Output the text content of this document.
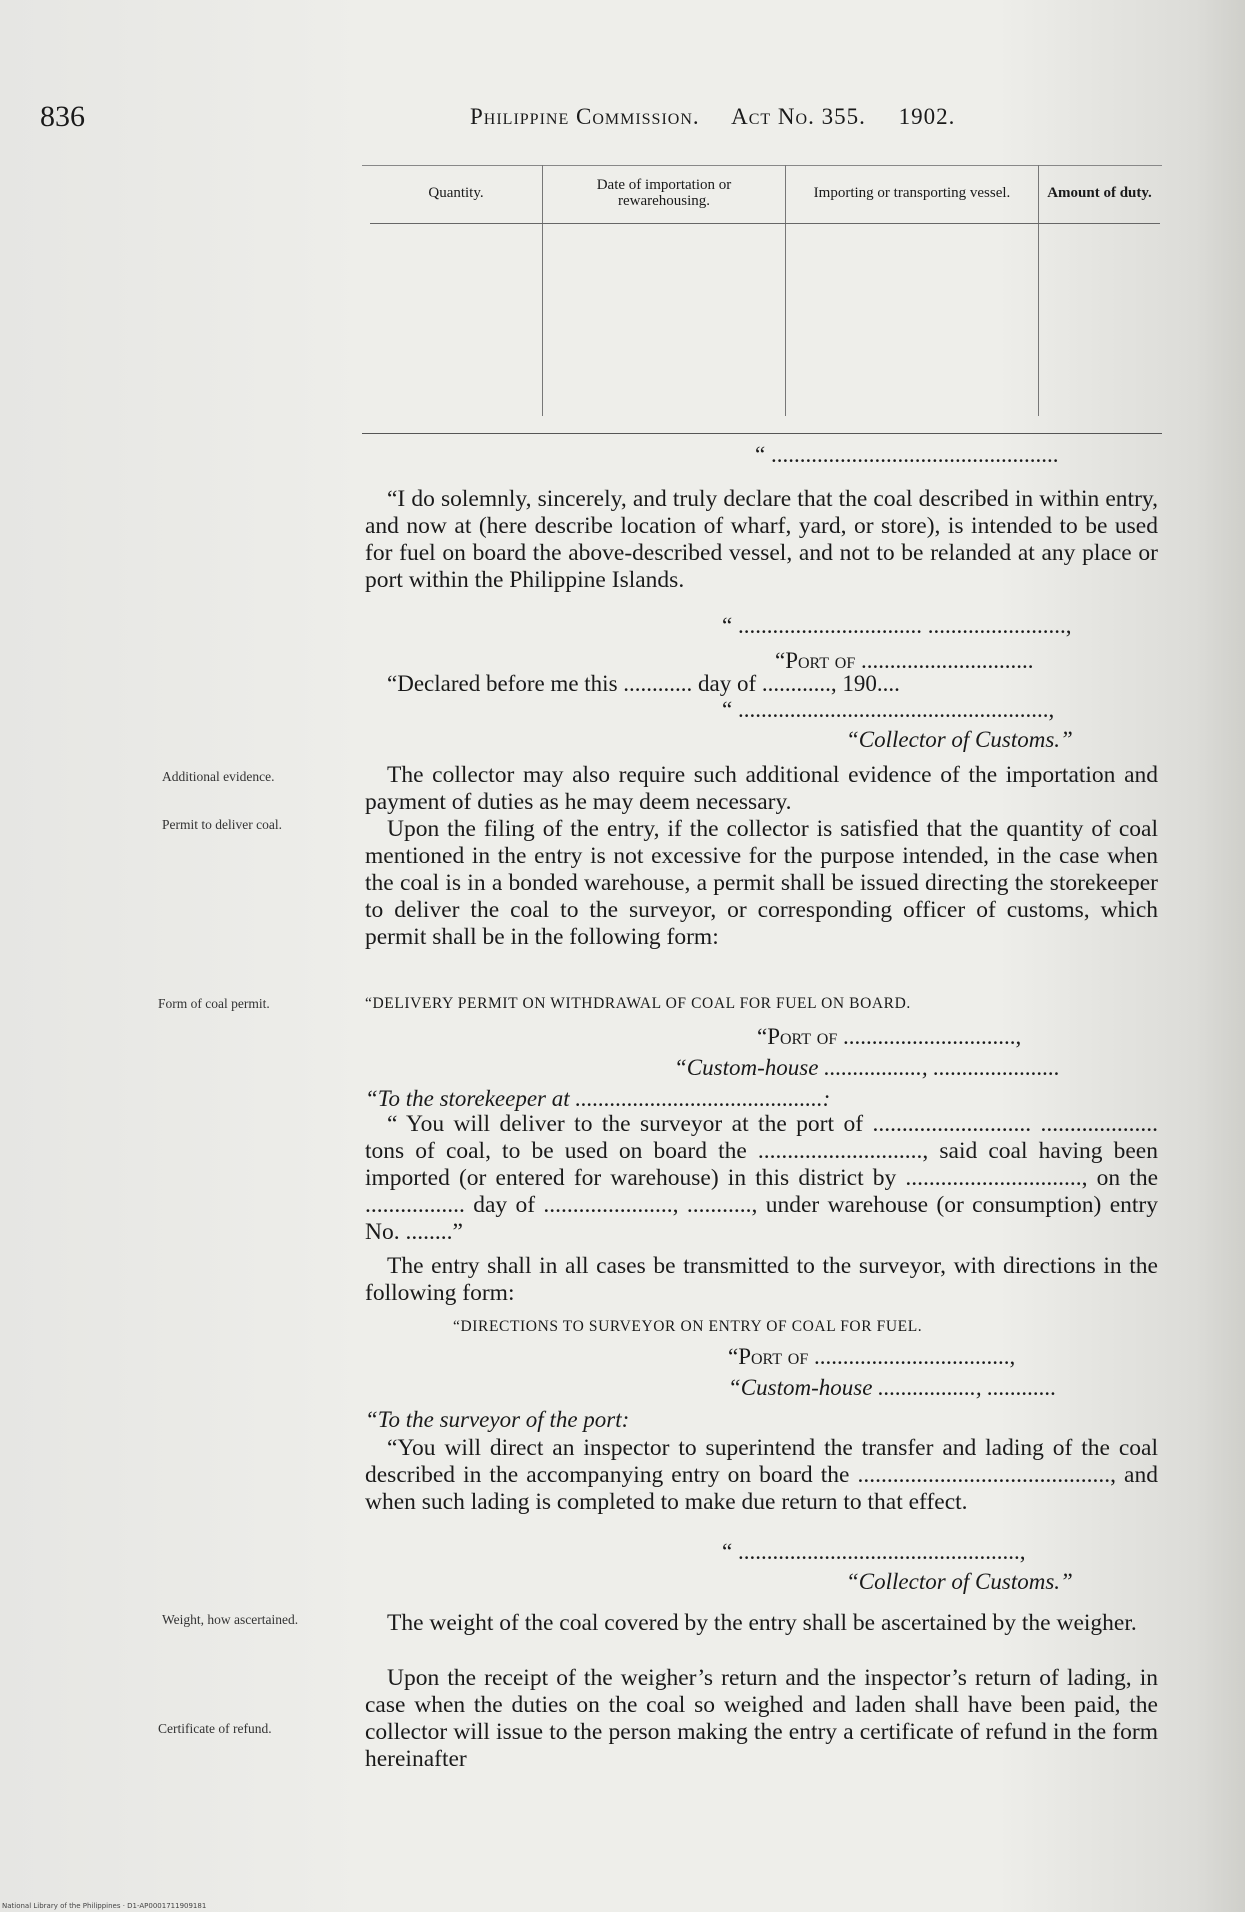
836	Philippine Commission. Act No. 355. 1902.
Quantity.	Date of importation or rewarehousing.	Importing or transporting vessel.	Amount of duty.

“ ..................................................
“I do solemnly, sincerely, and truly declare that the coal described in within entry, and now at (here describe location of wharf, yard, or store), is intended to be used for fuel on board the above-described vessel, and not to be relanded at any place or port within the Philippine Islands.
“ ................................ ........................,
“Port of ..............................
“Declared before me this ............ day of ............, 190....
“ ......................................................,
“Collector of Customs.”
Additional evidence.	The collector may also require such additional evidence of the importation and payment of duties as he may deem necessary.
Permit to deliver coal.	Upon the filing of the entry, if the collector is satisfied that the quantity of coal mentioned in the entry is not excessive for the purpose intended, in the case when the coal is in a bonded warehouse, a permit shall be issued directing the storekeeper to deliver the coal to the surveyor, or corresponding officer of customs, which permit shall be in the following form:
Form of coal permit.	“DELIVERY PERMIT ON WITHDRAWAL OF COAL FOR FUEL ON BOARD.
“Port of ..............................,
“Custom-house ................., ......................
“To the storekeeper at ...........................................:
“ You will deliver to the surveyor at the port of ........................... .................... tons of coal, to be used on board the ............................, said coal having been imported (or entered for warehouse) in this district by .............................., on the ................. day of ......................, ..........., under warehouse (or consumption) entry No. ........”
The entry shall in all cases be transmitted to the surveyor, with directions in the following form:
“DIRECTIONS TO SURVEYOR ON ENTRY OF COAL FOR FUEL.
“Port of ..................................,
“Custom-house ................., ............
“To the surveyor of the port:
“You will direct an inspector to superintend the transfer and lading of the coal described in the accompanying entry on board the ..........................................., and when such lading is completed to make due return to that effect.
“ .................................................,
“Collector of Customs.”
Weight, how ascertained.	The weight of the coal covered by the entry shall be ascertained by the weigher.
Certificate of refund.
Upon the receipt of the weigher’s return and the inspector’s return of lading, in case when the duties on the coal so weighed and laden shall have been paid, the collector will issue to the person making the entry a certificate of refund in the form hereinafter
National Library of the Philippines · D1-AP0001711909181
